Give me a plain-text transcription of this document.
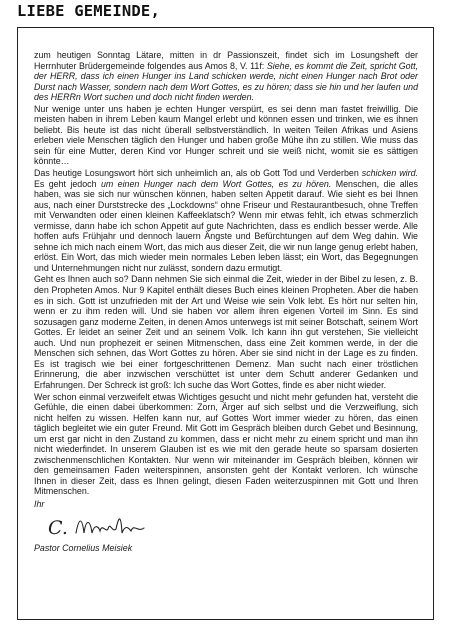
zum heutigen Sonntag Lätare, mitten in dr Passionszeit, findet sich im Losungsheft der Herrnhuter Brüdergemeinde folgendes aus Amos 8, V. 11f: Siehe, es kommt die Zeit, spricht Gott, der HERR, dass ich einen Hunger ins Land schicken werde, nicht einen Hunger nach Brot oder Durst nach Wasser, sondern nach dem Wort Gottes, es zu hören; dass sie hin und her laufen und des HERRn Wort suchen und doch nicht finden werden.

Nur wenige unter uns haben je echten Hunger verspürt, es sei denn man fastet freiwillig. Die meisten haben in ihrem Leben kaum Mangel erlebt und können essen und trinken, wie es ihnen beliebt. Bis heute ist das nicht überall selbstverständlich. In weiten Teilen Afrikas und Asiens erleben viele Menschen täglich den Hunger und haben große Mühe ihn zu stillen. Wie muss das sein für eine Mutter, deren Kind vor Hunger schreit und sie weiß nicht, womit sie es sättigen könnte…

Das heutige Losungswort hört sich unheimlich an, als ob Gott Tod und Verderben schicken wird. Es geht jedoch um einen Hunger nach dem Wort Gottes, es zu hören. Menschen, die alles haben, was sie sich nur wünschen können, haben selten Appetit darauf. Wie sieht es bei Ihnen aus, nach einer Durststrecke des „Lockdowns“ ohne Friseur und Restaurantbesuch, ohne Treffen mit Verwandten oder einen kleinen Kaffeeklatsch? Wenn mir etwas fehlt, ich etwas schmerzlich vermisse, dann habe ich schon Appetit auf gute Nachrichten, dass es endlich besser werde. Alle hoffen aufs Frühjahr und dennoch lauern Ängste und Befürchtungen auf dem Weg dahin. Wie sehne ich mich nach einem Wort, das mich aus dieser Zeit, die wir nun lange genug erlebt haben, erlöst. Ein Wort, das mich wieder mein normales Leben leben lässt; ein Wort, das Begegnungen und Unternehmungen nicht nur zulässt, sondern dazu ermutigt.

Geht es Ihnen auch so? Dann nehmen Sie sich einmal die Zeit, wieder in der Bibel zu lesen, z. B. den Propheten Amos. Nur 9 Kapitel enthält dieses Buch eines kleinen Propheten. Aber die haben es in sich. Gott ist unzufrieden mit der Art und Weise wie sein Volk lebt. Es hört nur selten hin, wenn er zu ihm reden will. Und sie haben vor allem ihren eigenen Vorteil im Sinn. Es sind sozusagen ganz moderne Zeiten, in denen Amos unterwegs ist mit seiner Botschaft, seinem Wort Gottes. Er leidet an seiner Zeit und an seinem Volk. Ich kann ihn gut verstehen, Sie vielleicht auch. Und nun prophezeit er seinen Mitmenschen, dass eine Zeit kommen werde, in der die Menschen sich sehnen, das Wort Gottes zu hören. Aber sie sind nicht in der Lage es zu finden. Es ist tragisch wie bei einer fortgeschrittenen Demenz. Man sucht nach einer tröstlichen Erinnerung, die aber inzwischen verschüttet ist unter dem Schutt anderer Gedanken und Erfahrungen. Der Schreck ist groß: Ich suche das Wort Gottes, finde es aber nicht wieder.

Wer schon einmal verzweifelt etwas Wichtiges gesucht und nicht mehr gefunden hat, versteht die Gefühle, die einen dabei überkommen: Zorn, Ärger auf sich selbst und die Verzweiflung, sich nicht helfen zu wissen. Helfen kann nur, auf Gottes Wort immer wieder zu hören, das einen täglich begleitet wie ein guter Freund. Mit Gott im Gespräch bleiben durch Gebet und Besinnung, um erst gar nicht in den Zustand zu kommen, dass er nicht mehr zu einem spricht und man ihn nicht wiederfindet. In unserem Glauben ist es wie mit den gerade heute so sparsam dosierten zwischenmenschlichen Kontakten. Nur wenn wir miteinander im Gespräch bleiben, können wir den gemeinsamen Faden weiterspinnen, ansonsten geht der Kontakt verloren. Ich wünsche Ihnen in dieser Zeit, dass es Ihnen gelingt, diesen Faden weiterzuspinnen mit Gott und Ihren Mitmenschen.

Ihr

C.

Pastor Cornelius Meisiek

LIEBE GEMEINDE,
